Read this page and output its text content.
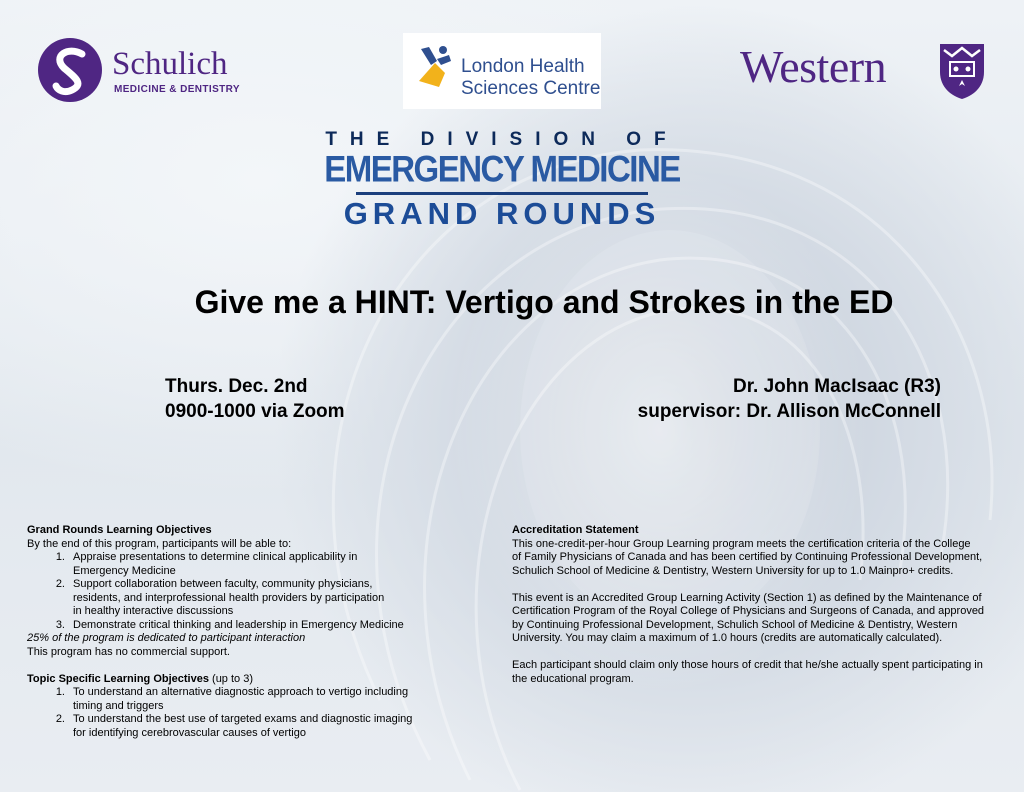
Schulich
MEDICINE & DENTISTRY
London Health
Sciences Centre	Western
THE DIVISION OF
EMERGENCY MEDICINE
GRAND ROUNDS
Give me a HINT: Vertigo and Strokes in the ED
Thurs. Dec. 2nd
0900-1000 via Zoom
Dr. John MacIsaac (R3)
supervisor: Dr. Allison McConnell
Grand Rounds Learning Objectives
By the end of this program, participants will be able to:
1. Appraise presentations to determine clinical applicability in
Emergency Medicine
2. Support collaboration between faculty, community physicians,
residents, and interprofessional health providers by participation
in healthy interactive discussions
3. Demonstrate critical thinking and leadership in Emergency Medicine
25% of the program is dedicated to participant interaction
This program has no commercial support.
Topic Specific Learning Objectives (up to 3)
1. To understand an alternative diagnostic approach to vertigo including
timing and triggers
2. To understand the best use of targeted exams and diagnostic imaging
for identifying cerebrovascular causes of vertigo
Accreditation Statement
This one-credit-per-hour Group Learning program meets the certification criteria of the College
of Family Physicians of Canada and has been certified by Continuing Professional Development,
Schulich School of Medicine & Dentistry, Western University for up to 1.0 Mainpro+ credits.
This event is an Accredited Group Learning Activity (Section 1) as defined by the Maintenance of
Certification Program of the Royal College of Physicians and Surgeons of Canada, and approved
by Continuing Professional Development, Schulich School of Medicine & Dentistry, Western
University. You may claim a maximum of 1.0 hours (credits are automatically calculated).
Each participant should claim only those hours of credit that he/she actually spent participating in
the educational program.
